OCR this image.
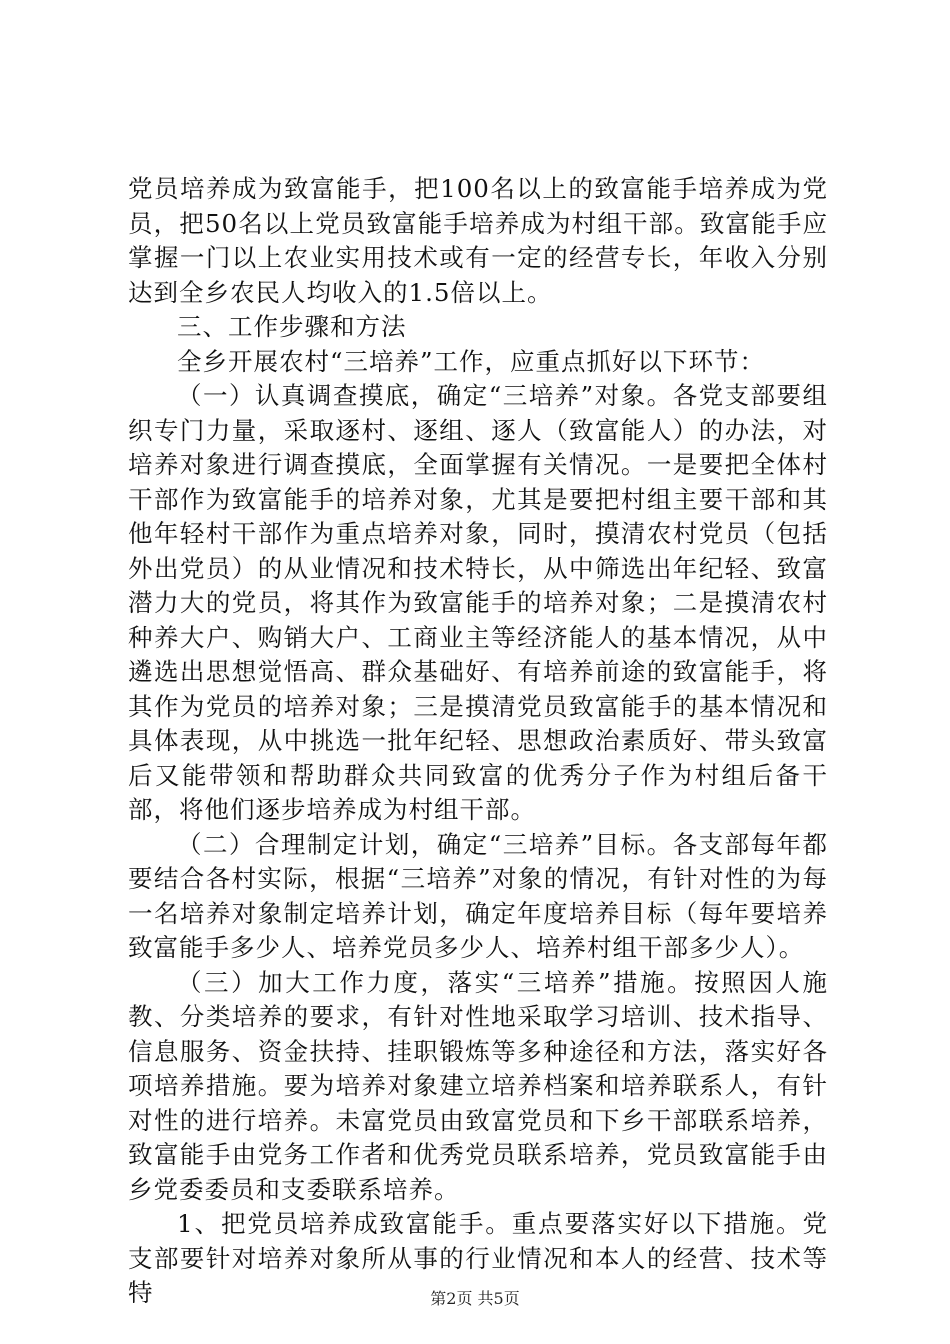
党员培养成为致富能手，把100名以上的致富能手培养成为党员，把50名以上党员致富能手培养成为村组干部。致富能手应掌握一门以上农业实用技术或有一定的经营专长，年收入分别达到全乡农民人均收入的1.5倍以上。

三、工作步骤和方法

全乡开展农村“三培养”工作，应重点抓好以下环节：

（一）认真调查摸底，确定“三培养”对象。各党支部要组织专门力量，采取逐村、逐组、逐人（致富能人）的办法，对培养对象进行调查摸底，全面掌握有关情况。一是要把全体村干部作为致富能手的培养对象，尤其是要把村组主要干部和其他年轻村干部作为重点培养对象，同时，摸清农村党员（包括外出党员）的从业情况和技术特长，从中筛选出年纪轻、致富潜力大的党员，将其作为致富能手的培养对象；二是摸清农村种养大户、购销大户、工商业主等经济能人的基本情况，从中遴选出思想觉悟高、群众基础好、有培养前途的致富能手，将其作为党员的培养对象；三是摸清党员致富能手的基本情况和具体表现，从中挑选一批年纪轻、思想政治素质好、带头致富后又能带领和帮助群众共同致富的优秀分子作为村组后备干部，将他们逐步培养成为村组干部。

（二）合理制定计划，确定“三培养”目标。各支部每年都要结合各村实际，根据“三培养”对象的情况，有针对性的为每一名培养对象制定培养计划，确定年度培养目标（每年要培养致富能手多少人、培养党员多少人、培养村组干部多少人）。

（三）加大工作力度，落实“三培养”措施。按照因人施教、分类培养的要求，有针对性地采取学习培训、技术指导、信息服务、资金扶持、挂职锻炼等多种途径和方法，落实好各项培养措施。要为培养对象建立培养档案和培养联系人，有针对性的进行培养。未富党员由致富党员和下乡干部联系培养，致富能手由党务工作者和优秀党员联系培养，党员致富能手由乡党委委员和支委联系培养。

1、把党员培养成致富能手。重点要落实好以下措施。党支部要针对培养对象所从事的行业情况和本人的经营、技术等特	第2页 共5页
